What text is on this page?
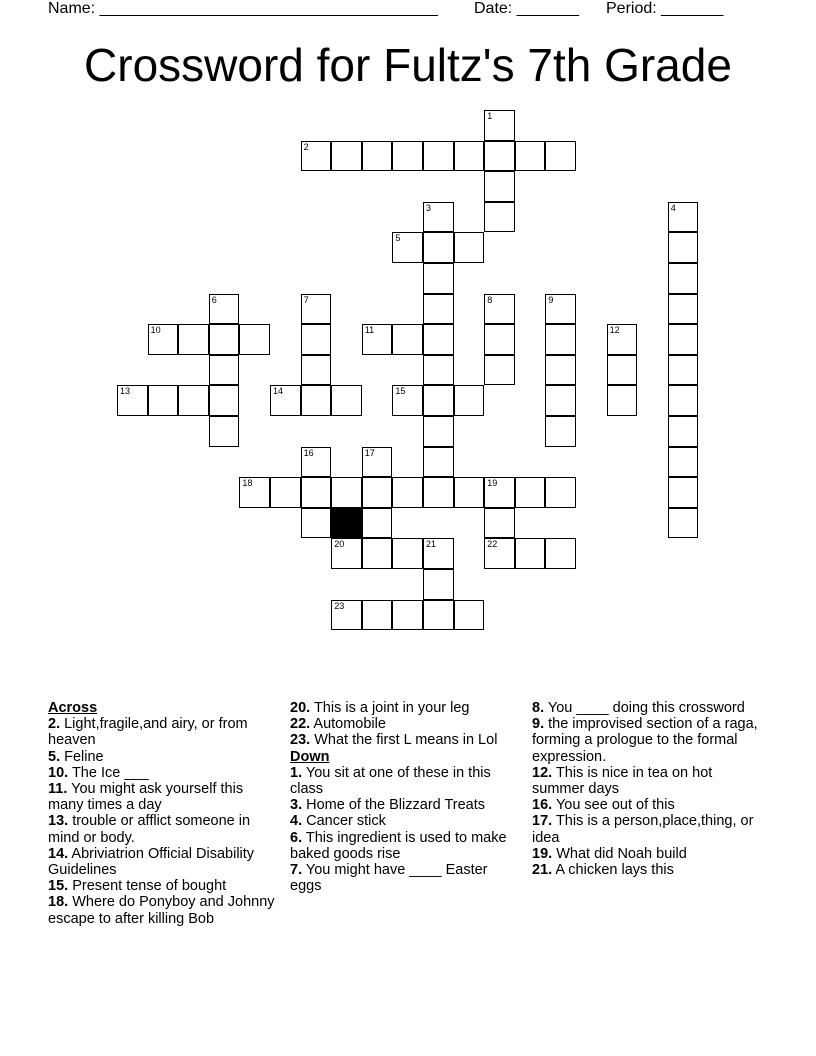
Name: ______________________________________ Date: _______ Period: _______
Crossword for Fultz's 7th Grade
1
2
3	4
5
6	7	8	9
10	11	12
13	14	15
16	17
18	19
22
20	21
23
Across
2. Light,fragile,and airy, or from heaven
5. Feline
10. The Ice ___
11. You might ask yourself this many times a day
13. trouble or afflict someone in mind or body.
14. Abriviatrion Official Disability Guidelines
15. Present tense of bought
18. Where do Ponyboy and Johnny escape to after killing Bob
20. This is a joint in your leg
22. Automobile
23. What the first L means in Lol
Down
1. You sit at one of these in this class
3. Home of the Blizzard Treats
4. Cancer stick
6. This ingredient is used to make baked goods rise
7. You might have ____ Easter eggs
8. You ____ doing this crossword
9. the improvised section of a raga, forming a prologue to the formal expression.
12. This is nice in tea on hot summer days
16. You see out of this
17. This is a person,place,thing, or idea
19. What did Noah build
21. A chicken lays this
